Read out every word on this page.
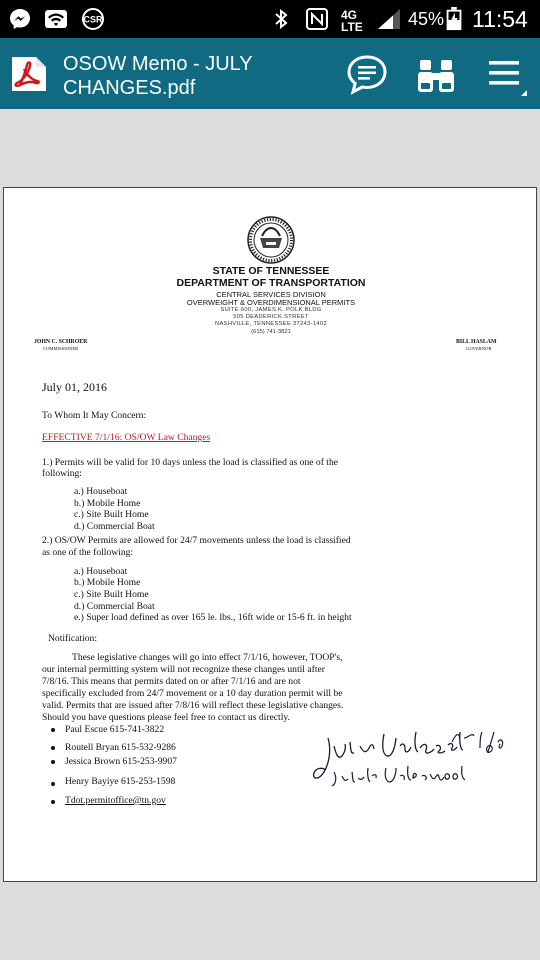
CSR	4G LTE	45% 11:54
OSOW Memo - JULY CHANGES.pdf
STATE OF TENNESSEE
DEPARTMENT OF TRANSPORTATION
CENTRAL SERVICES DIVISION
OVERWEIGHT & OVERDIMENSIONAL PERMITS
SUITE 600, JAMES K. POLK BLDG
505 DEADERICK STREET
NASHVILLE, TENNESSEE 37243-1402
(615) 741-3821
JOHN C. SCHROER
COMMISSIONER
BILL HASLAM
GOVERNOR
July 01, 2016
To Whom It May Concern:
EFFECTIVE 7/1/16: OS/OW Law Changes
1.) Permits will be valid for 10 days unless the load is classified as one of the
following:
a.) Houseboat
b.) Mobile Home
c.) Site Built Home
d.) Commercial Boat
2.) OS/OW Permits are allowed for 24/7 movements unless the load is classified
as one of the following:
a.) Houseboat
b.) Mobile Home
c.) Site Built Home
d.) Commercial Boat
e.) Super load defined as over 165 le. lbs., 16ft wide or 15-6 ft. in height
Notification:
These legislative changes will go into effect 7/1/16, however, TOOP's,
our internal permitting system will not recognize these changes until after
7/8/16. This means that permits dated on or after 7/1/16 and are not
specifically excluded from 24/7 movement or a 10 day duration permit will be
valid. Permits that are issued after 7/8/16 will reflect these legislative changes.
Should you have questions please feel free to contact us directly.
Paul Escue 615-741-3822
Routell Bryan 615-532-9286
Jessica Brown 615-253-9907
Henry Bayiye 615-253-1598
Tdot.permitoffice@tn.gov
